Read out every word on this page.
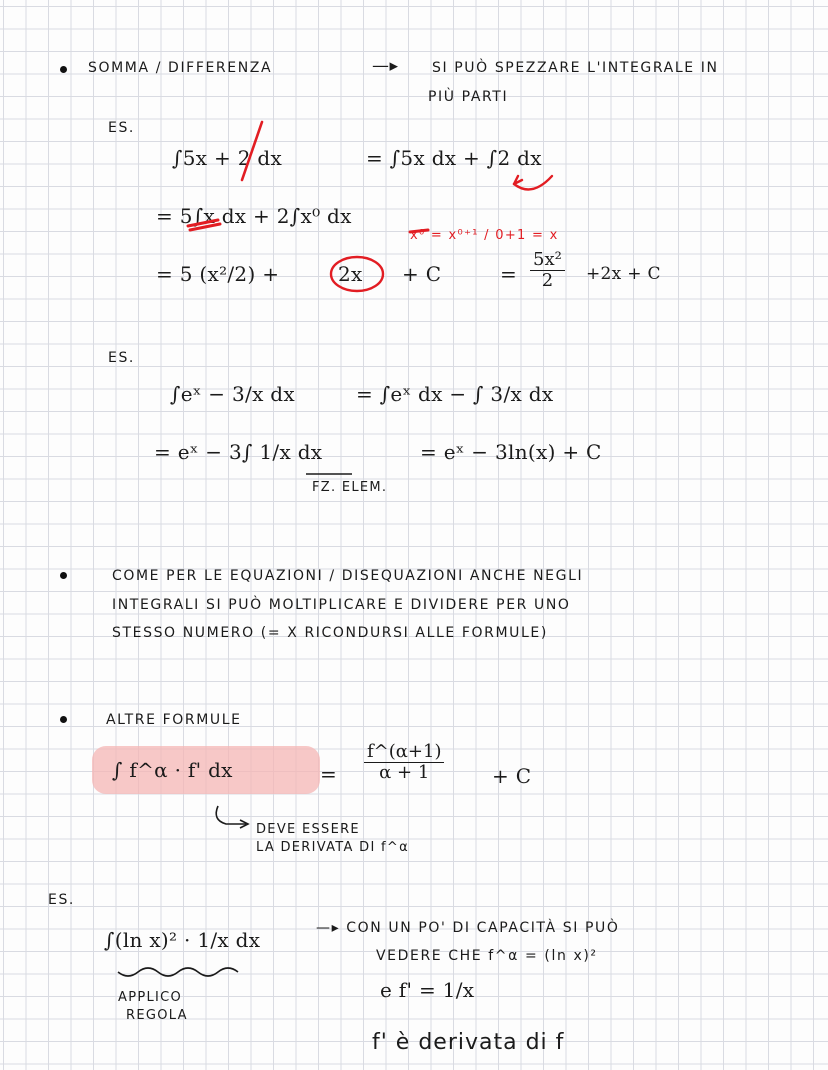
SOMMA / DIFFERENZA	—▸ SI PUÒ SPEZZARE L'INTEGRALE IN
PIÙ PARTI
ES.
∫5x + 2 dx	= ∫5x dx + ∫2 dx
= 5∫x dx + 2∫x⁰ dx
x⁰ = x⁰⁺¹ / 0+1 = x
= 5 (x²/2) +	2x + C	= $\frac{\text{5x²}}{2} +2x + C$
ES.
∫eˣ − 3/x dx	= ∫eˣ dx − ∫ 3/x dx
= eˣ − 3∫ 1/x dx	= eˣ − 3ln(x) + C
FZ. ELEM.
COME PER LE EQUAZIONI / DISEQUAZIONI ANCHE NEGLI
INTEGRALI SI PUÒ MOLTIPLICARE E DIVIDERE PER UNO
STESSO NUMERO (= X RICONDURSI ALLE FORMULE)
ALTRE FORMULE
∫ f^α · f' dx	= $\frac{f\^{}(\alpha+1)}{\alpha + 1} + C$
DEVE ESSERE
LA DERIVATA DI f^α
ES.
∫(ln x)² · 1/x dx
APPLICO
REGOLA
—▸ CON UN PO' DI CAPACITÀ SI PUÒ
VEDERE CHE f^α = (ln x)²
e f' = 1/x
f' è derivata di f
